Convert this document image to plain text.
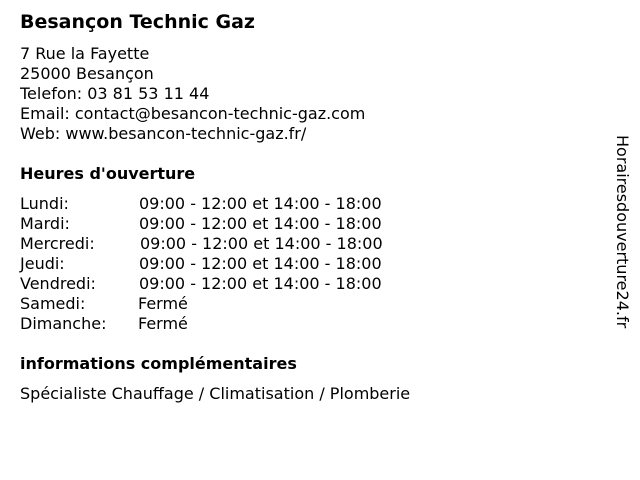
Besançon Technic Gaz
7 Rue la Fayette
25000 Besançon
Telefon: 03 81 53 11 44
Email: contact@besancon-technic-gaz.com
Web: www.besancon-technic-gaz.fr/
Heures d'ouverture
Lundi:	09:00 - 12:00 et 14:00 - 18:00
Mardi:	09:00 - 12:00 et 14:00 - 18:00
Mercredi:	09:00 - 12:00 et 14:00 - 18:00
Jeudi:	09:00 - 12:00 et 14:00 - 18:00
Vendredi:	09:00 - 12:00 et 14:00 - 18:00
Samedi:	Fermé
Dimanche: Fermé
informations complémentaires
Spécialiste Chauffage / Climatisation / Plomberie
Horairesdouverture24.fr
